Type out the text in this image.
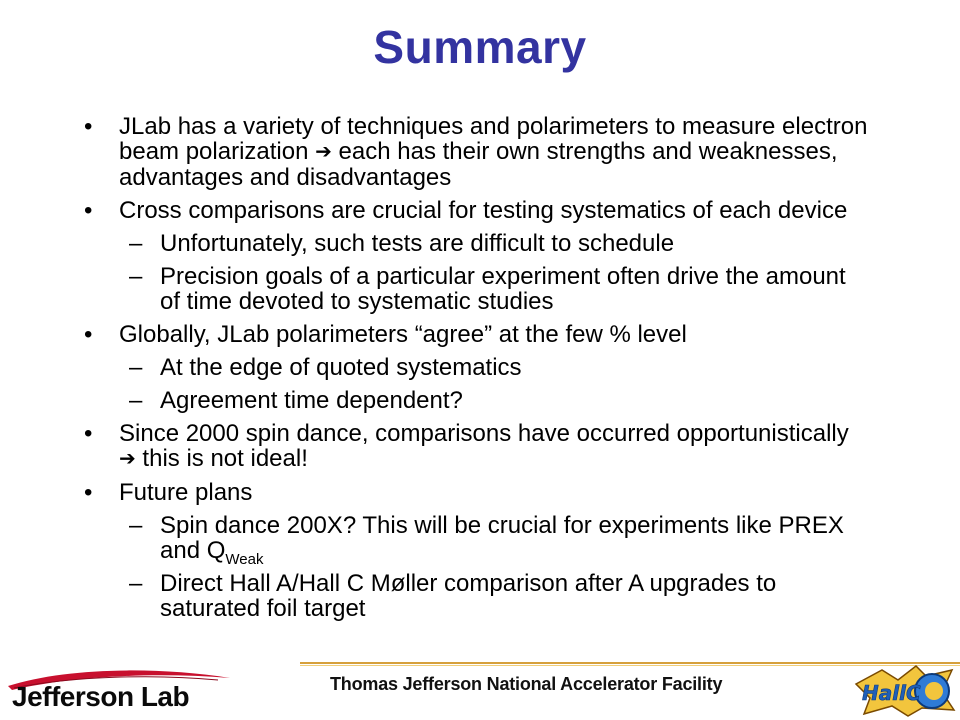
Summary
• JLab has a variety of techniques and polarimeters to measure electron beam polarization ➔ each has their own strengths and weaknesses, advantages and disadvantages
• Cross comparisons are crucial for testing systematics of each device
– Unfortunately, such tests are difficult to schedule
– Precision goals of a particular experiment often drive the amount of time devoted to systematic studies
• Globally, JLab polarimeters “agree” at the few % level
– At the edge of quoted systematics
– Agreement time dependent?
• Since 2000 spin dance, comparisons have occurred opportunistically ➔ this is not ideal!
• Future plans
– Spin dance 200X? This will be crucial for experiments like PREX and $Q_{Weak}$
– Direct Hall A/Hall C Møller comparison after A upgrades to saturated foil target
Jefferson Lab	Thomas Jefferson National Accelerator Facility	HallC
